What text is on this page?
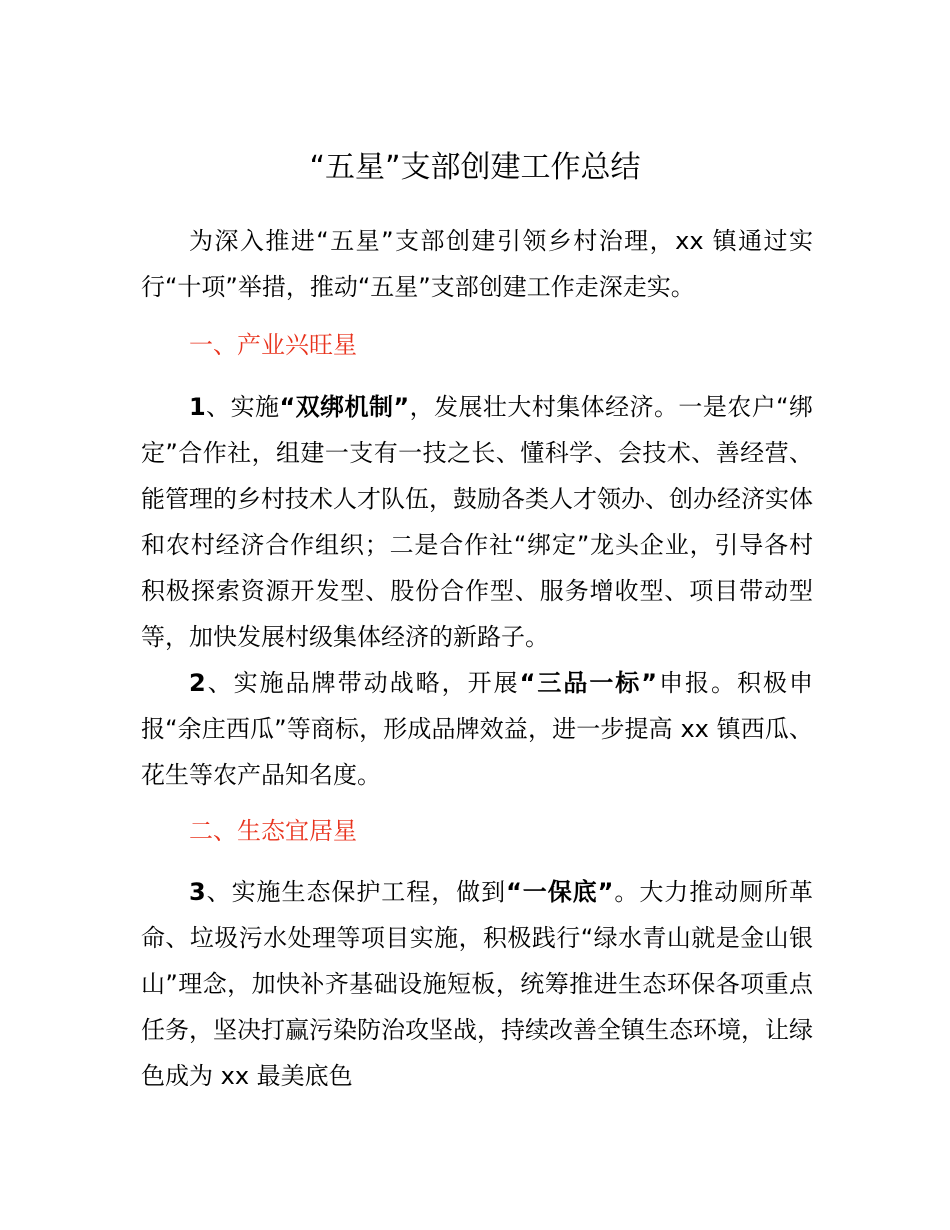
“五星”支部创建工作总结

为深入推进“五星”支部创建引领乡村治理，xx 镇通过实行“十项”举措，推动“五星”支部创建工作走深走实。

一、产业兴旺星

1、实施“双绑机制”，发展壮大村集体经济。一是农户“绑定”合作社，组建一支有一技之长、懂科学、会技术、善经营、能管理的乡村技术人才队伍，鼓励各类人才领办、创办经济实体和农村经济合作组织；二是合作社“绑定”龙头企业，引导各村积极探索资源开发型、股份合作型、服务增收型、项目带动型等，加快发展村级集体经济的新路子。

2、实施品牌带动战略，开展“三品一标”申报。积极申报“余庄西瓜”等商标，形成品牌效益，进一步提高 xx 镇西瓜、花生等农产品知名度。

二、生态宜居星

3、实施生态保护工程，做到“一保底”。大力推动厕所革命、垃圾污水处理等项目实施，积极践行“绿水青山就是金山银山”理念，加快补齐基础设施短板，统筹推进生态环保各项重点任务，坚决打赢污染防治攻坚战，持续改善全镇生态环境，让绿色成为 xx 最美底色
